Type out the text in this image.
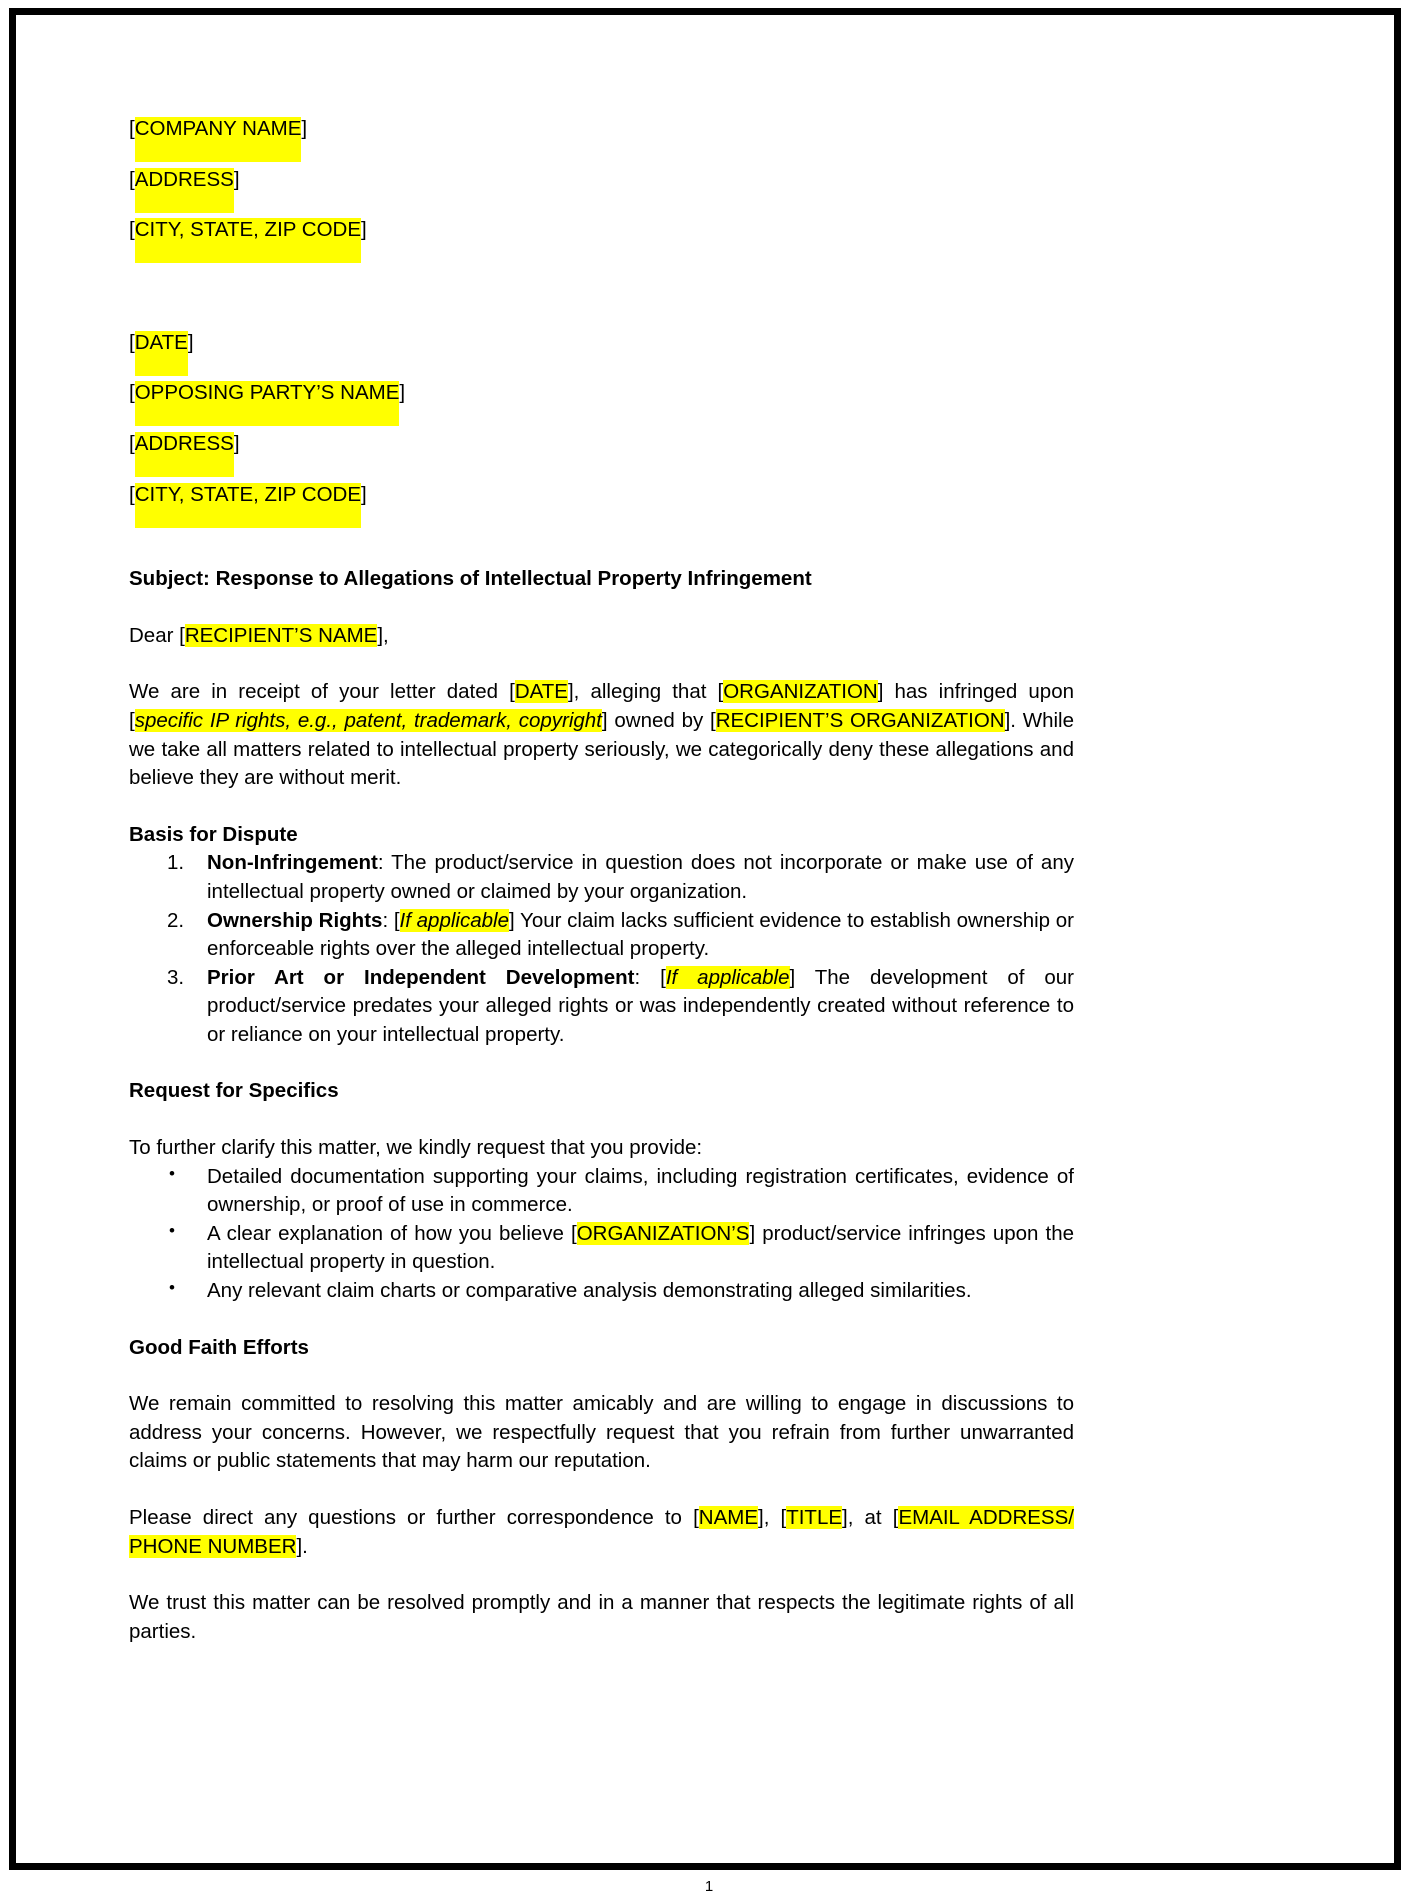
[COMPANY NAME]

[ADDRESS]

[CITY, STATE, ZIP CODE]

[DATE]

[OPPOSING PARTY’S NAME]

[ADDRESS]

[CITY, STATE, ZIP CODE]

Subject: Response to Allegations of Intellectual Property Infringement

Dear [RECIPIENT’S NAME],

We are in receipt of your letter dated [DATE], alleging that [ORGANIZATION] has infringed upon [specific IP rights, e.g., patent, trademark, copyright] owned by [RECIPIENT’S ORGANIZATION]. While we take all matters related to intellectual property seriously, we categorically deny these allegations and believe they are without merit.

Basis for Dispute

Non-Infringement: The product/service in question does not incorporate or make use of any intellectual property owned or claimed by your organization.
Ownership Rights: [If applicable] Your claim lacks sufficient evidence to establish ownership or enforceable rights over the alleged intellectual property.
Prior Art or Independent Development: [If applicable] The development of our product/service predates your alleged rights or was independently created without reference to or reliance on your intellectual property.

Request for Specifics

To further clarify this matter, we kindly request that you provide:

• Detailed documentation supporting your claims, including registration certificates, evidence of ownership, or proof of use in commerce.
• A clear explanation of how you believe [ORGANIZATION’S] product/service infringes upon the intellectual property in question.
• Any relevant claim charts or comparative analysis demonstrating alleged similarities.

Good Faith Efforts

We remain committed to resolving this matter amicably and are willing to engage in discussions to address your concerns. However, we respectfully request that you refrain from further unwarranted claims or public statements that may harm our reputation.

Please direct any questions or further correspondence to [NAME], [TITLE], at [EMAIL ADDRESS/ PHONE NUMBER].

We trust this matter can be resolved promptly and in a manner that respects the legitimate rights of all parties.

1
